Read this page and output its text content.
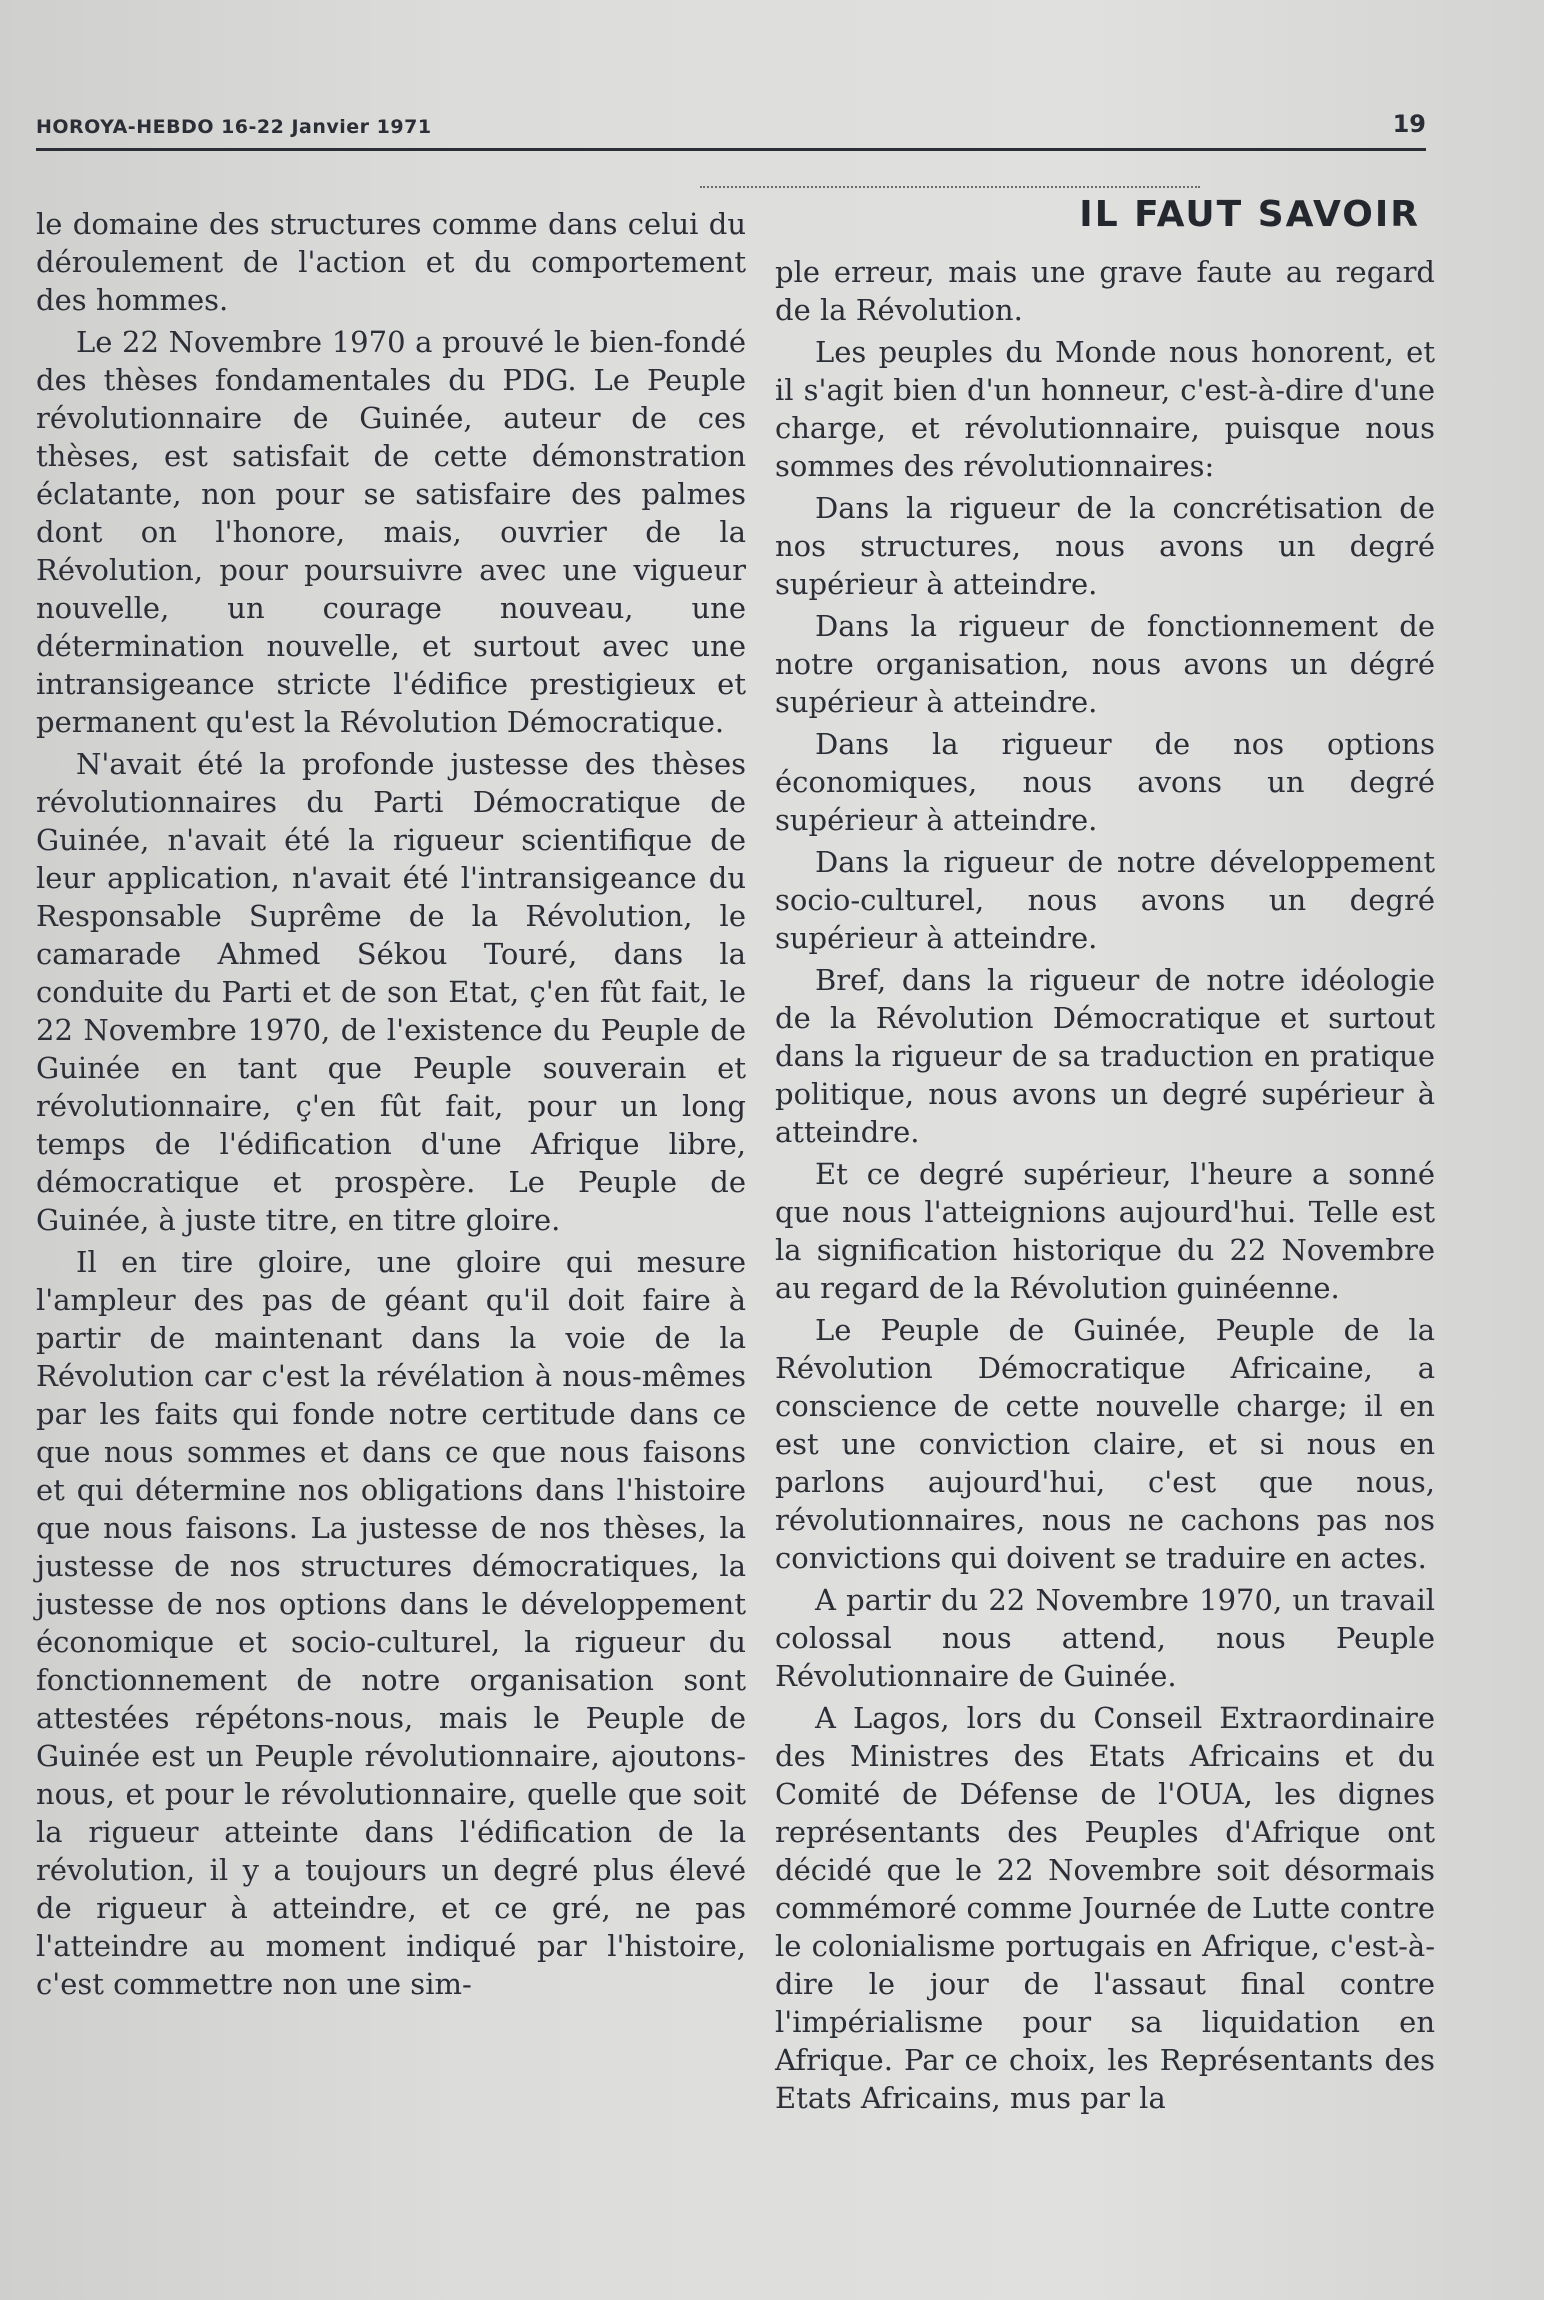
HOROYA-HEBDO 16-22 Janvier 1971	19
IL FAUT SAVOIR

le domaine des structures comme dans celui du déroulement de l'action et du comportement des hommes.

Le 22 Novembre 1970 a prouvé le bien-fondé des thèses fondamentales du PDG. Le Peuple révolutionnaire de Guinée, auteur de ces thèses, est satisfait de cette démonstration éclatante, non pour se satisfaire des palmes dont on l'honore, mais, ouvrier de la Révolution, pour poursuivre avec une vigueur nouvelle, un courage nouveau, une détermination nouvelle, et surtout avec une intransigeance stricte l'édifice prestigieux et permanent qu'est la Révolution Démocratique.

N'avait été la profonde justesse des thèses révolutionnaires du Parti Démocratique de Guinée, n'avait été la rigueur scientifique de leur application, n'avait été l'intransigeance du Responsable Suprême de la Révolution, le camarade Ahmed Sékou Touré, dans la conduite du Parti et de son Etat, ç'en fût fait, le 22 Novembre 1970, de l'existence du Peuple de Guinée en tant que Peuple souverain et révolutionnaire, ç'en fût fait, pour un long temps de l'édification d'une Afrique libre, démocratique et prospère. Le Peuple de Guinée, à juste titre, en titre gloire.

Il en tire gloire, une gloire qui mesure l'ampleur des pas de géant qu'il doit faire à partir de maintenant dans la voie de la Révolution car c'est la révélation à nous-mêmes par les faits qui fonde notre certitude dans ce que nous sommes et dans ce que nous faisons et qui détermine nos obligations dans l'histoire que nous faisons. La justesse de nos thèses, la justesse de nos structures démocratiques, la justesse de nos options dans le développement économique et socio-culturel, la rigueur du fonctionnement de notre organisation sont attestées répétons-nous, mais le Peuple de Guinée est un Peuple révolutionnaire, ajoutons-nous, et pour le révolutionnaire, quelle que soit la rigueur atteinte dans l'édification de la révolution, il y a toujours un degré plus élevé de rigueur à atteindre, et ce gré, ne pas l'atteindre au moment indiqué par l'histoire, c'est commettre non une sim-

ple erreur, mais une grave faute au regard de la Révolution.

Les peuples du Monde nous honorent, et il s'agit bien d'un honneur, c'est-à-dire d'une charge, et révolutionnaire, puisque nous sommes des révolutionnaires:

Dans la rigueur de la concrétisation de nos structures, nous avons un degré supérieur à atteindre.

Dans la rigueur de fonctionnement de notre organisation, nous avons un dégré supérieur à atteindre.

Dans la rigueur de nos options économiques, nous avons un degré supérieur à atteindre.

Dans la rigueur de notre développement socio-culturel, nous avons un degré supérieur à atteindre.

Bref, dans la rigueur de notre idéologie de la Révolution Démocratique et surtout dans la rigueur de sa traduction en pratique politique, nous avons un degré supérieur à atteindre.

Et ce degré supérieur, l'heure a sonné que nous l'atteignions aujourd'hui. Telle est la signification historique du 22 Novembre au regard de la Révolution guinéenne.

Le Peuple de Guinée, Peuple de la Révolution Démocratique Africaine, a conscience de cette nouvelle charge; il en est une conviction claire, et si nous en parlons aujourd'hui, c'est que nous, révolutionnaires, nous ne cachons pas nos convictions qui doivent se traduire en actes.

A partir du 22 Novembre 1970, un travail colossal nous attend, nous Peuple Révolutionnaire de Guinée.

A Lagos, lors du Conseil Extraordinaire des Ministres des Etats Africains et du Comité de Défense de l'OUA, les dignes représentants des Peuples d'Afrique ont décidé que le 22 Novembre soit désormais commémoré comme Journée de Lutte contre le colonialisme portugais en Afrique, c'est-à-dire le jour de l'assaut final contre l'impérialisme pour sa liquidation en Afrique. Par ce choix, les Représentants des Etats Africains, mus par la
